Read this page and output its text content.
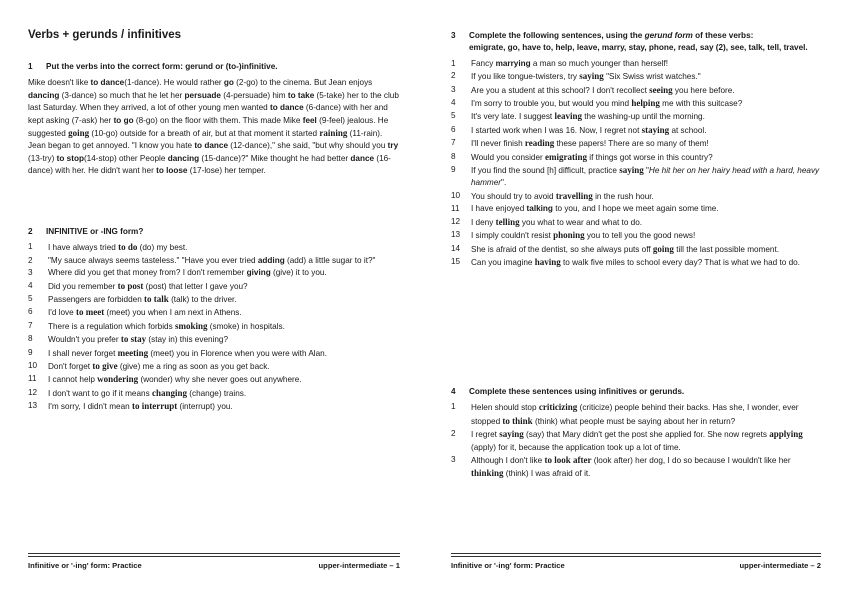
Verbs + gerunds / infinitives
1	Put the verbs into the correct form: gerund or (to-)infinitive.
Mike doesn't like to dance(1-dance). He would rather go (2-go) to the cinema. But Jean enjoys dancing (3-dance) so much that he let her persuade (4-persuade) him to take (5-take) her to the club last Saturday. When they arrived, a lot of other young men wanted to dance (6-dance) with her and kept asking (7-ask) her to go (8-go) on the floor with them. This made Mike feel (9-feel) jealous. He suggested going (10-go) outside for a breath of air, but at that moment it started raining (11-rain). Jean began to get annoyed. "I know you hate to dance (12-dance)," she said, "but why should you try (13-try) to stop(14-stop) other People dancing (15-dance)?" Mike thought he had better dance (16-dance) with her. He didn't want her to loose (17-lose) her temper.
2	INFINITIVE or -ING form?
1	I have always tried to do (do) my best.
2	"My sauce always seems tasteless." "Have you ever tried adding (add) a little sugar to it?"
3	Where did you get that money from? I don't remember giving (give) it to you.
4	Did you remember to post (post) that letter I gave you?
5	Passengers are forbidden to talk (talk) to the driver.
6	I'd love to meet (meet) you when I am next in Athens.
7	There is a regulation which forbids smoking (smoke) in hospitals.
8	Wouldn't you prefer to stay (stay in) this evening?
9	I shall never forget meeting (meet) you in Florence when you were with Alan.
10	Don't forget to give (give) me a ring as soon as you get back.
11	I cannot help wondering (wonder) why she never goes out anywhere.
12	I don't want to go if it means changing (change) trains.
13	I'm sorry, I didn't mean to interrupt (interrupt) you.
Infinitive or '-ing' form: Practice	upper-intermediate – 1
3	Complete the following sentences, using the gerund form of these verbs:
emigrate, go, have to, help, leave, marry, stay, phone, read, say (2), see, talk, tell, travel.
1	Fancy marrying a man so much younger than herself!
2	If you like tongue-twisters, try saying "Six Swiss wrist watches."
3	Are you a student at this school? I don't recollect seeing you here before.
4	I'm sorry to trouble you, but would you mind helping me with this suitcase?
5	It's very late. I suggest leaving the washing-up until the morning.
6	I started work when I was 16. Now, I regret not staying at school.
7	I'll never finish reading these papers! There are so many of them!
8	Would you consider emigrating if things got worse in this country?
9	If you find the sound [h] difficult, practice saying "He hit her on her hairy head with a hard, heavy hammer".
10	You should try to avoid travelling in the rush hour.
11	I have enjoyed talking to you, and I hope we meet again some time.
12	I deny telling you what to wear and what to do.
13	I simply couldn't resist phoning you to tell you the good news!
14	She is afraid of the dentist, so she always puts off going till the last possible moment.
15	Can you imagine having to walk five miles to school every day? That is what we had to do.
4	Complete these sentences using infinitives or gerunds.
1	Helen should stop criticizing (criticize) people behind their backs. Has she, I wonder, ever stopped to think (think) what people must be saying about her in return?
2	I regret saying (say) that Mary didn't get the post she applied for. She now regrets applying (apply) for it, because the application took up a lot of time.
3	Although I don't like to look after (look after) her dog, I do so because I wouldn't like her thinking (think) I was afraid of it.
Infinitive or '-ing' form: Practice	upper-intermediate – 2
